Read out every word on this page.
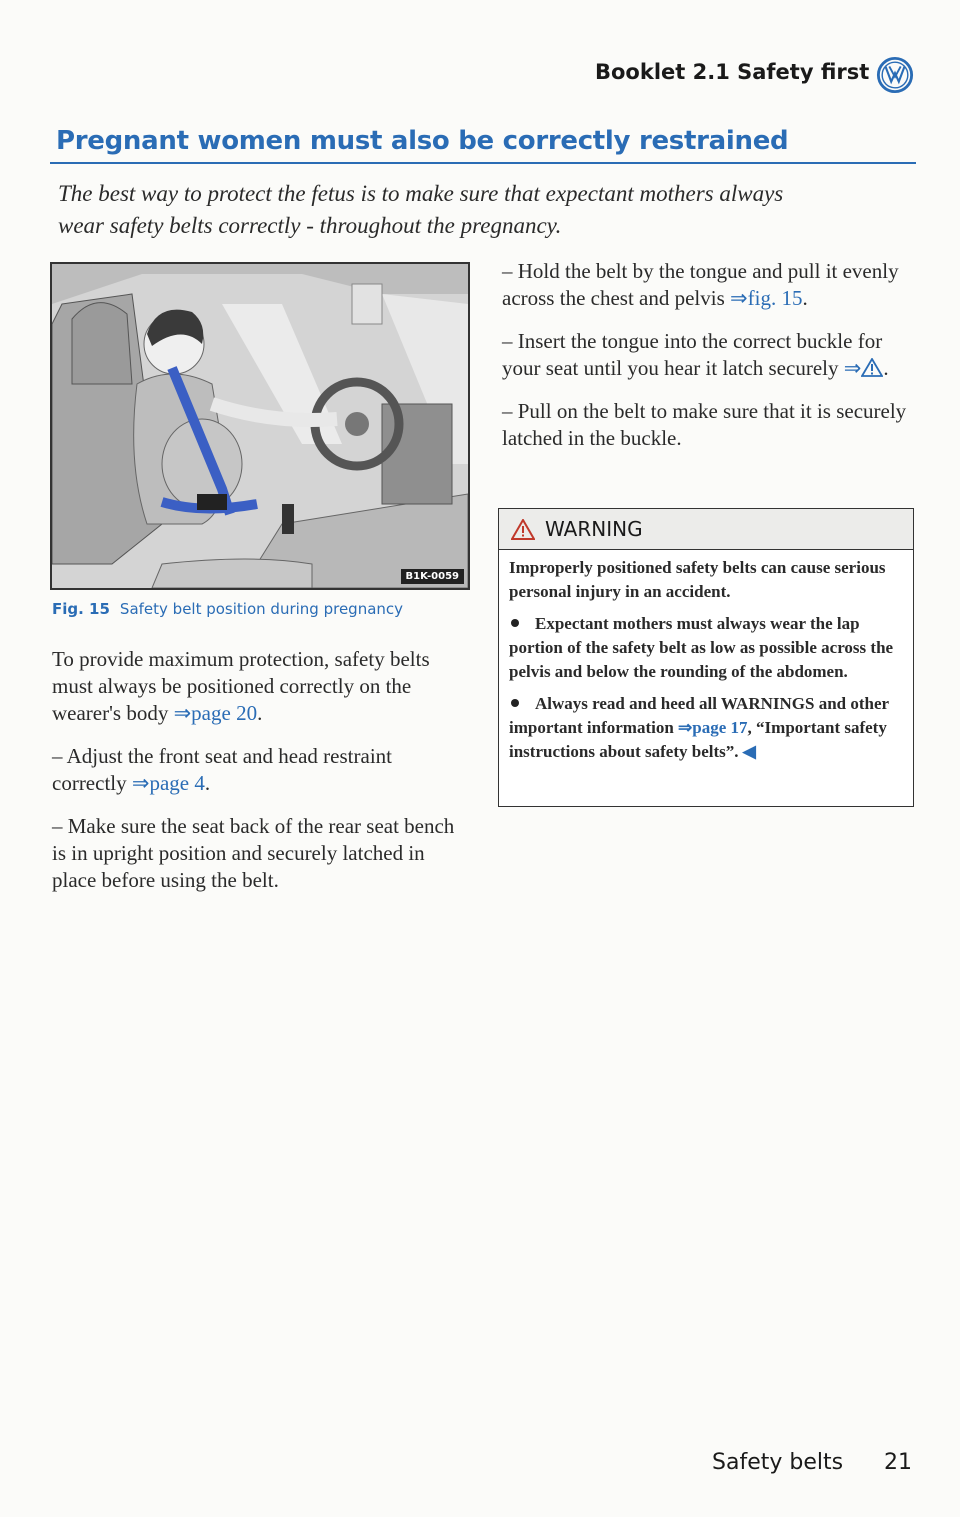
Booklet 2.1 Safety first
Pregnant women must also be correctly restrained
The best way to protect the fetus is to make sure that expectant mothers always
wear safety belts correctly - throughout the pregnancy.
B1K-0059
Fig. 15 Safety belt position during pregnancy

To provide maximum protection, safety belts must always be positioned correctly on the wearer's body ⇒page 20.

– Adjust the front seat and head restraint correctly ⇒page 4.

– Make sure the seat back of the rear seat bench is in upright position and securely latched in place before using the belt.

– Hold the belt by the tongue and pull it evenly across the chest and pelvis ⇒fig. 15.

– Insert the tongue into the correct buckle for your seat until you hear it latch securely ⇒ .

– Pull on the belt to make sure that it is securely latched in the buckle.

WARNING

Improperly positioned safety belts can cause serious personal injury in an accident.

Expectant mothers must always wear the lap portion of the safety belt as low as possible across the pelvis and below the rounding of the abdomen.

Always read and heed all WARNINGS and other important information ⇒page 17, “Important safety instructions about safety belts”. ◀

Safety belts 21
